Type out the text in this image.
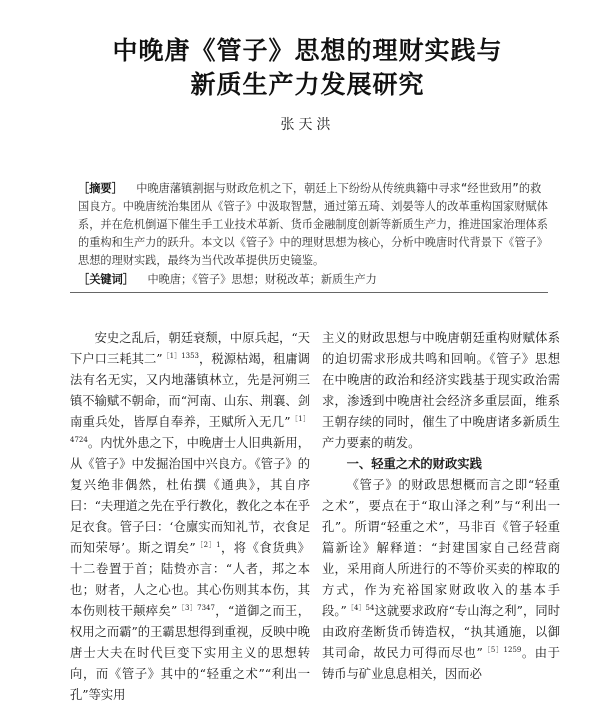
中晚唐《管子》思想的理财实践与
新质生产力发展研究
张天洪

［摘要］ 中晚唐藩镇割据与财政危机之下，朝廷上下纷纷从传统典籍中寻求“经世致用”的救国良方。中晚唐统治集团从《管子》中汲取智慧，通过第五琦、刘晏等人的改革重构国家财赋体系，并在危机倒逼下催生手工业技术革新、货币金融制度创新等新质生产力，推进国家治理体系的重构和生产力的跃升。本文以《管子》中的理财思想为核心，分析中晚唐时代背景下《管子》思想的理财实践，最终为当代改革提供历史镜鉴。

［关键词］ 中晚唐；《管子》思想；财税改革；新质生产力

安史之乱后，朝廷衰颓，中原兵起，“天下户口三耗其二”$^{[1]1353}$，税源枯竭，租庸调法有名无实，又内地藩镇林立，先是河朔三镇不输赋不朝命，而“河南、山东、荆襄、剑南重兵处，皆厚自奉养，王赋所入无几”$^{[1]4724}$。内忧外患之下，中晚唐士人旧典新用，从《管子》中发掘治国中兴良方。《管子》的复兴绝非偶然，杜佑撰《通典》，其自序曰：“夫理道之先在乎行教化，教化之本在乎足衣食。管子曰：‘仓廪实而知礼节，衣食足而知荣辱’。斯之谓矣”$^{[2]1}$，将《食货典》十二卷置于首；陆贽亦言：“人者，邦之本也；财者，人之心也。其心伤则其本伤，其本伤则枝干颠瘁矣”$^{[3]7347}$，“道御之而王，权用之而霸”的王霸思想得到重视，反映中晚唐士大夫在时代巨变下实用主义的思想转向，而《管子》其中的“轻重之术”“利出一孔”等实用

主义的财政思想与中晚唐朝廷重构财赋体系的迫切需求形成共鸣和回响。《管子》思想在中晚唐的政治和经济实践基于现实政治需求，渗透到中晚唐社会经济多重层面，维系王朝存续的同时，催生了中晚唐诸多新质生产力要素的萌发。

一、轻重之术的财政实践

《管子》的财政思想概而言之即“轻重之术”，要点在于“取山泽之利”与“利出一孔”。所谓“轻重之术”，马非百《管子轻重篇新诠》解释道：“封建国家自己经营商业，采用商人所进行的不等价买卖的榨取的方式，作为充裕国家财政收入的基本手段。”$^{[4]54}$这就要求政府“专山海之利”，同时由政府垄断货币铸造权，“执其通施，以御其司命，故民力可得而尽也”$^{[5]1259}$。由于铸币与矿业息息相关，因而必
